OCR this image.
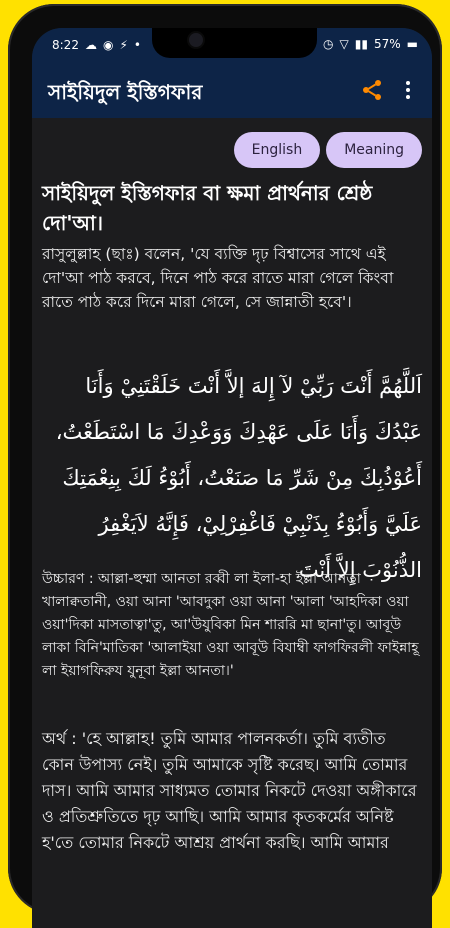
8:22 ☁ ◉ ⚡ •	◷ ▽ ▮▮ 57% ▬
সাইয়িদুল ইস্তিগফার
English	Meaning
সাইয়িদুল ইস্তিগফার বা ক্ষমা প্রার্থনার শ্রেষ্ঠ দো'আ।
রাসুলুল্লাহ (ছাঃ) বলেন, 'যে ব্যক্তি দৃঢ় বিশ্বাসের সাথে এই দো'আ পাঠ করবে, দিনে পাঠ করে রাতে মারা গেলে কিংবা রাতে পাঠ করে দিনে মারা গেলে, সে জান্নাতী হবে'।
اَللَّهُمَّ أَنْتَ رَبِّيْ لآ إِلهَ إلاَّ أَنْتَ خَلَقْتَنِيْ وَأَنَا عَبْدُكَ وَأَنَا عَلَى عَهْدِكَ وَوَعْدِكَ مَا اسْتَطَعْتُ، أَعُوْذُبِكَ مِنْ شَرِّ مَا صَنَعْتُ، أَبُوْءُ لَكَ بِنِعْمَتِكَ عَلَيَّ وَأَبُوْءُ بِذَنْبِيْ فَاغْفِرْلِيْ، فَإِنَّهُ لاَيَغْفِرُ الذُّنُوْبَ إِلاَّ أَنْتَ
উচ্চারণ : আল্লা-হুম্মা আনতা রব্বী লা ইলা-হা ইল্লা আনতা খালাক্বতানী, ওয়া আনা 'আবদুকা ওয়া আনা 'আলা 'আহদিকা ওয়া ওয়া'দিকা মাসতাত্বা'তু, আ'উযুবিকা মিন শাররি মা ছানা'তু। আবূউ লাকা বিনি'মাতিকা 'আলাইয়া ওয়া আবূউ বিযাম্বী ফাগফিরলী ফাইন্নাহূ লা ইয়াগফিরুয যুনূবা ইল্লা আনতা।'
অর্থ : 'হে আল্লাহ! তুমি আমার পালনকর্তা। তুমি ব্যতীত কোন উপাস্য নেই। তুমি আমাকে সৃষ্টি করেছ। আমি তোমার দাস। আমি আমার সাধ্যমত তোমার নিকটে দেওয়া অঙ্গীকারে ও প্রতিশ্রুতিতে দৃঢ় আছি। আমি আমার কৃতকর্মের অনিষ্ট হ'তে তোমার নিকটে আশ্রয় প্রার্থনা করছি। আমি আমার
